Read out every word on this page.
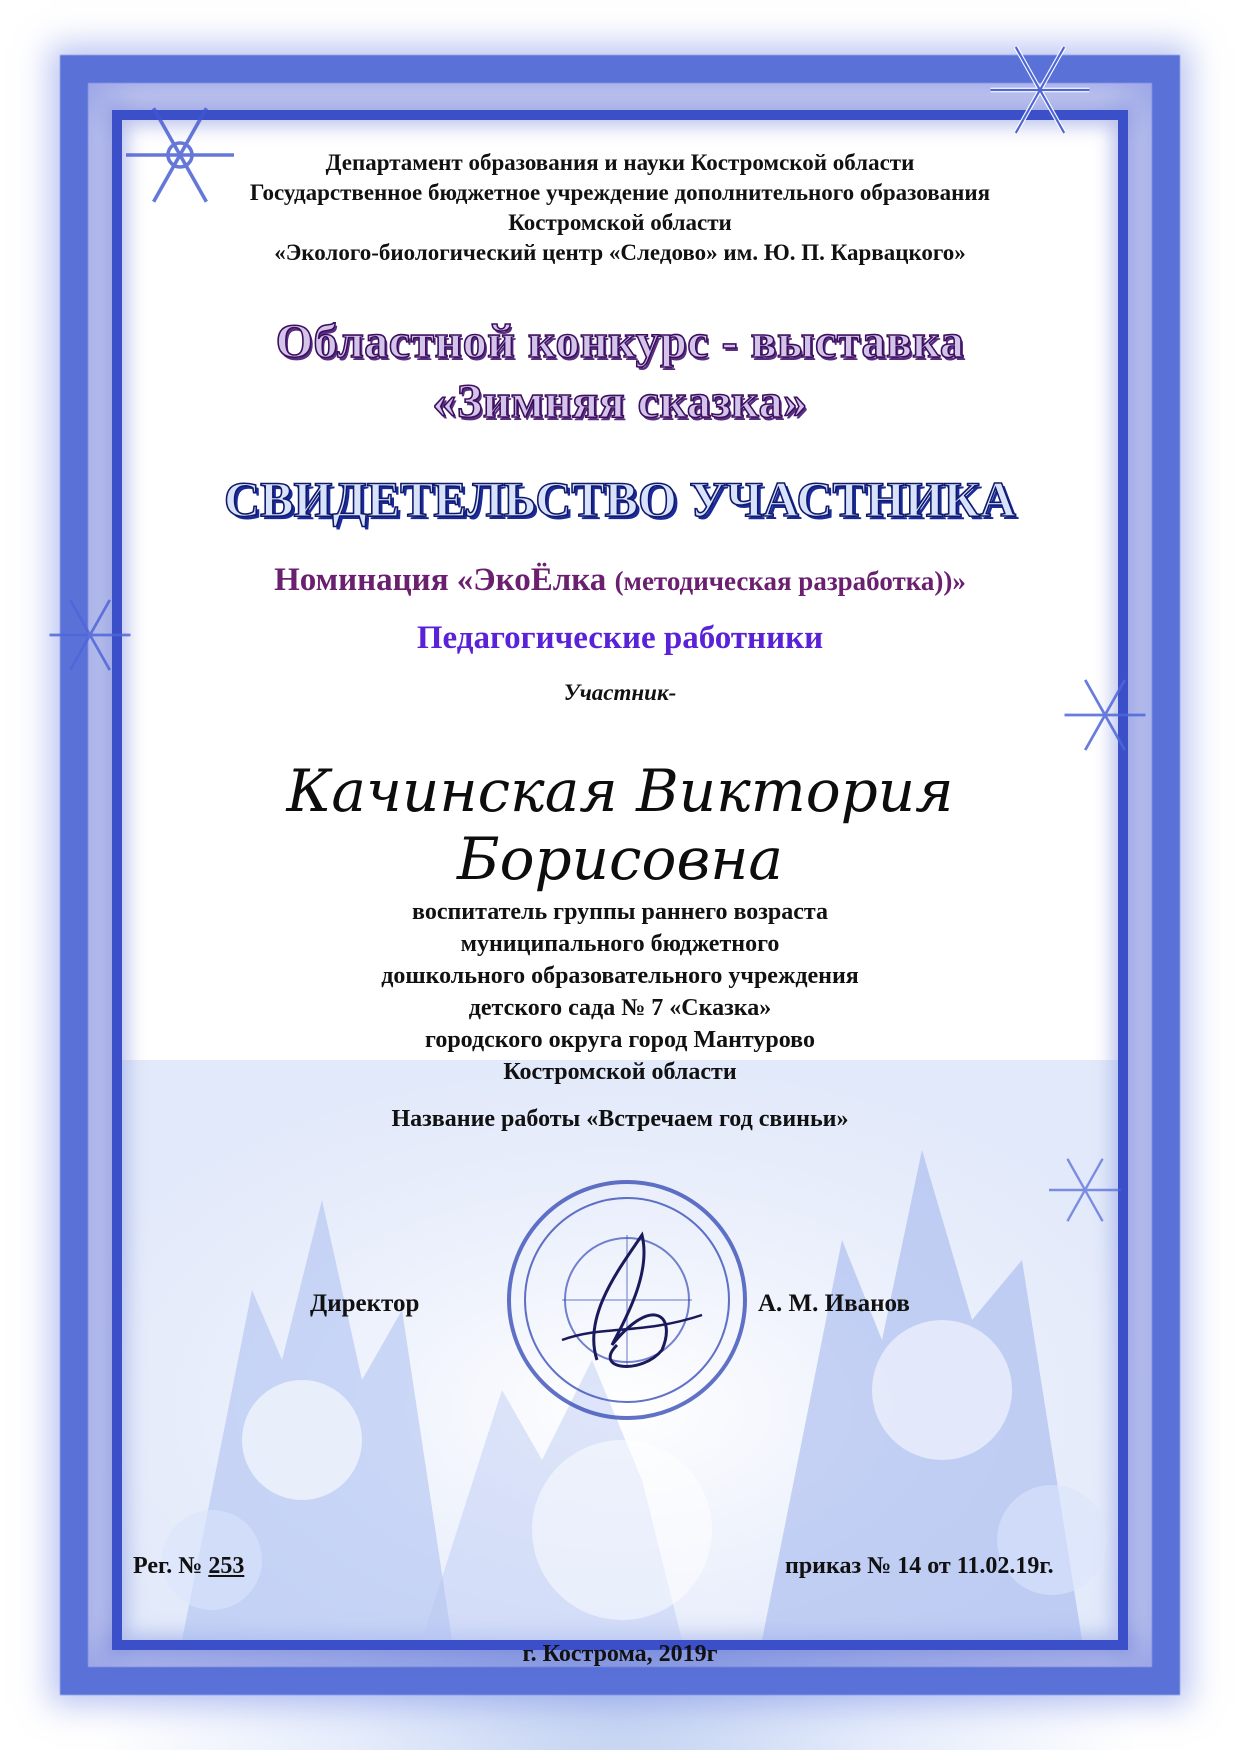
Департамент образования и науки Костромской области
Государственное бюджетное учреждение дополнительного образования
Костромской области
«Эколого-биологический центр «Следово» им. Ю. П. Карвацкого»
Областной конкурс - выставка
«Зимняя сказка»
СВИДЕТЕЛЬСТВО УЧАСТНИКА
Номинация «ЭкоЁлка (методическая разработка))»
Педагогические работники
Участник-
Качинская Виктория Борисовна
воспитатель группы раннего возраста
муниципального бюджетного
дошкольного образовательного учреждения
детского сада № 7 «Сказка»
городского округа город Мантурово
Костромской области
Название работы «Встречаем год свиньи»
Директор	А. М. Иванов
Рег. № 253	приказ № 14 от 11.02.19г.
г. Кострома, 2019г
